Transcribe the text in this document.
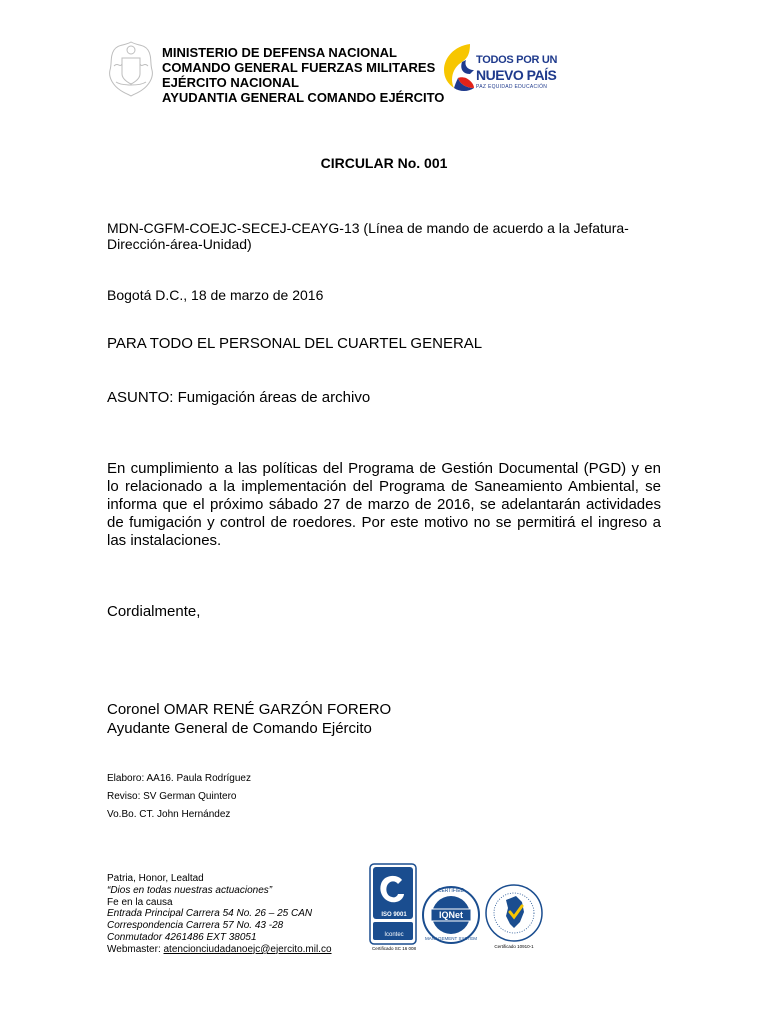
MINISTERIO DE DEFENSA NACIONAL
COMANDO GENERAL FUERZAS MILITARES
EJÉRCITO NACIONAL
AYUDANTIA GENERAL COMANDO EJÉRCITO
TODOS POR UN
NUEVO PAÍS
PAZ EQUIDAD EDUCACIÓN
CIRCULAR No. 001
MDN-CGFM-COEJC-SECEJ-CEAYG-13 (Línea de mando de acuerdo a la Jefatura-Dirección-área-Unidad)
Bogotá D.C., 18 de marzo de 2016
PARA TODO EL PERSONAL DEL CUARTEL GENERAL
ASUNTO: Fumigación áreas de archivo
En cumplimiento a las políticas del Programa de Gestión Documental (PGD) y en lo relacionado a la implementación del Programa de Saneamiento Ambiental, se informa que el próximo sábado 27 de marzo de 2016, se adelantarán actividades de fumigación y control de roedores. Por este motivo no se permitirá el ingreso a las instalaciones.
Cordialmente,
Coronel OMAR RENÉ GARZÓN FORERO
Ayudante General de Comando Ejército
Elaboro: AA16. Paula Rodríguez
Reviso: SV German Quintero
Vo.Bo. CT. John Hernández
Patria, Honor, Lealtad
“Dios en todas nuestras actuaciones”
Fe en la causa
Entrada Principal Carrera 54 No. 26 – 25 CAN
Correspondencia Carrera 57 No. 43 -28
Conmutador 4261486 EXT 38051
Webmaster: atencionciudadanoejc@ejercito.mil.co
ISO 9001
Icontec
Certificado SC 16 008
CERTIFIED
IQNet
MANAGEMENT SYSTEM
Certificado 10910-1
